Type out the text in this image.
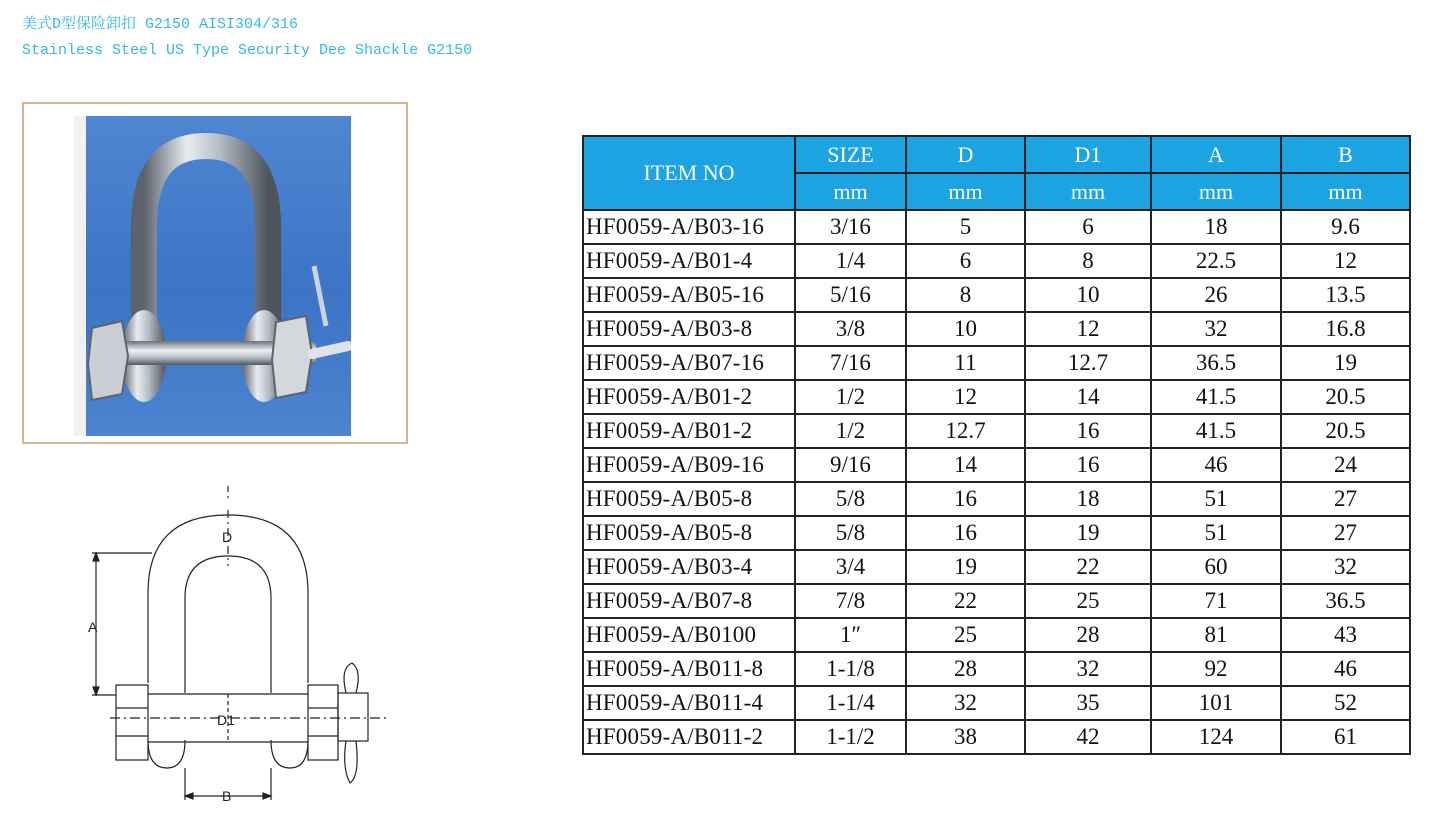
美式D型保险卸扣 G2150 AISI304/316
Stainless Steel US Type Security Dee Shackle G2150
D
A
D1
B
ITEM NO	SIZE	D	D1	A	B
	mm	mm	mm	mm	mm
HF0059-A/B03-16	3/16	5	6	18	9.6
HF0059-A/B01-4	1/4	6	8	22.5	12
HF0059-A/B05-16	5/16	8	10	26	13.5
HF0059-A/B03-8	3/8	10	12	32	16.8
HF0059-A/B07-16	7/16	11	12.7	36.5	19
HF0059-A/B01-2	1/2	12	14	41.5	20.5
HF0059-A/B01-2	1/2	12.7	16	41.5	20.5
HF0059-A/B09-16	9/16	14	16	46	24
HF0059-A/B05-8	5/8	16	18	51	27
HF0059-A/B05-8	5/8	16	19	51	27
HF0059-A/B03-4	3/4	19	22	60	32
HF0059-A/B07-8	7/8	22	25	71	36.5
HF0059-A/B0100	1″	25	28	81	43
HF0059-A/B011-8	1-1/8	28	32	92	46
HF0059-A/B011-4	1-1/4	32	35	101	52
HF0059-A/B011-2	1-1/2	38	42	124	61
